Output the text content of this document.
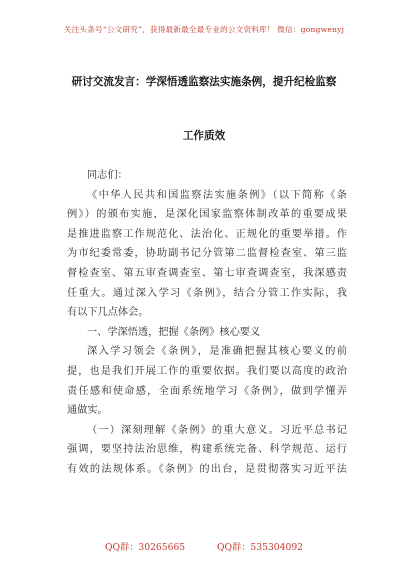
关注头条号“公文研究”，获得最新最全最专业的公文资料库！ 微信：gongwenyj
研讨交流发言：学深悟透监察法实施条例，提升纪检监察
工作质效
同志们：
《中华人民共和国监察法实施条例》（以下简称《条
例》）的颁布实施，是深化国家监察体制改革的重要成果
是推进监察工作规范化、法治化、正规化的重要举措。作
为市纪委常委，协助副书记分管第二监督检查室、第三监
督检查室、第五审查调查室、第七审查调查室，我深感责
任重大。通过深入学习《条例》，结合分管工作实际，我
有以下几点体会。
一、学深悟透，把握《条例》核心要义
深入学习领会《条例》，是准确把握其核心要义的前
提，也是我们开展工作的重要依据。我们要以高度的政治
责任感和使命感，全面系统地学习《条例》，做到学懂弄
通做实。
（一）深刻理解《条例》的重大意义。习近平总书记
强调，要坚持法治思维，构建系统完备、科学规范、运行
有效的法规体系。《条例》的出台，是贯彻落实习近平法
QQ群：30265665	QQ群：535304092
